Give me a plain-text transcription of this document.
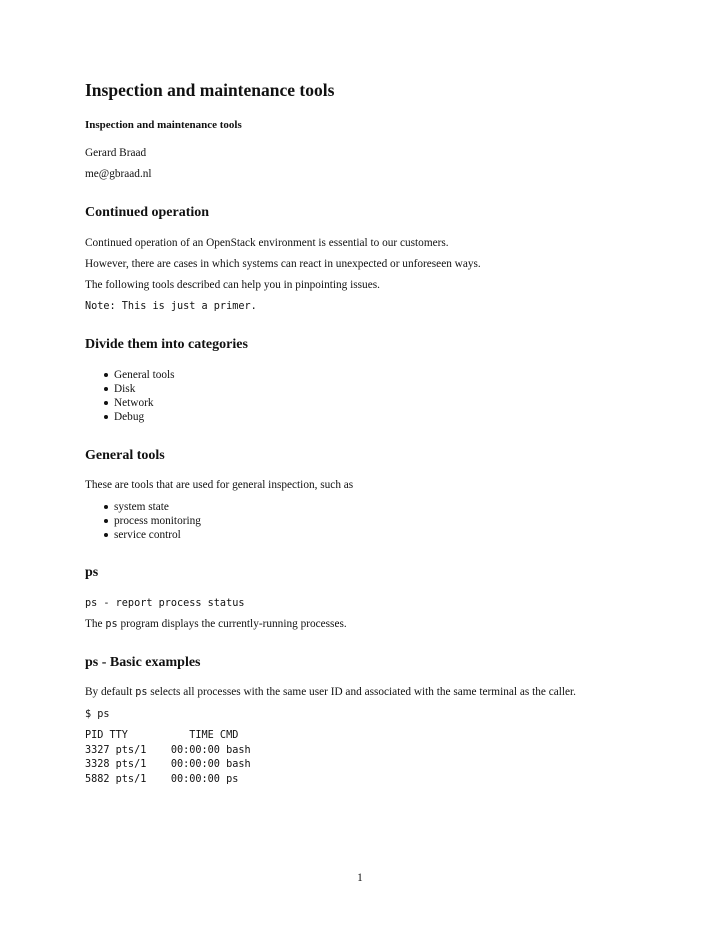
Inspection and maintenance tools
Inspection and maintenance tools
Gerard Braad
me@gbraad.nl
Continued operation
Continued operation of an OpenStack environment is essential to our customers.
However, there are cases in which systems can react in unexpected or unforeseen ways.
The following tools described can help you in pinpointing issues.
Note: This is just a primer.
Divide them into categories
General tools
Disk
Network
Debug
General tools
These are tools that are used for general inspection, such as
system state
process monitoring
service control
ps
ps - report process status
The ps program displays the currently-running processes.
ps - Basic examples
By default ps selects all processes with the same user ID and associated with the same terminal as the caller.
$ ps
PID TTY          TIME CMD
3327 pts/1    00:00:00 bash
3328 pts/1    00:00:00 bash
5882 pts/1    00:00:00 ps
1
